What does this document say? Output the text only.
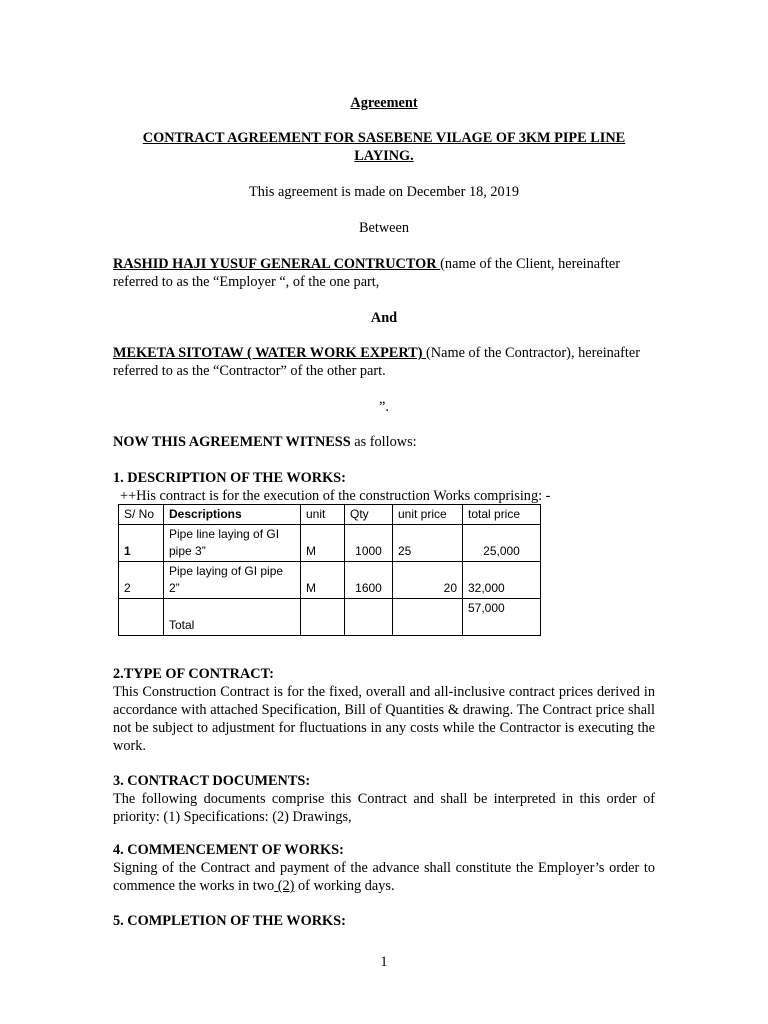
Agreement
CONTRACT AGREEMENT FOR SASEBENE VILAGE OF 3KM PIPE LINE LAYING.
This agreement is made on December 18, 2019
Between
RASHID HAJI YUSUF GENERAL CONTRUCTOR (name of the Client, hereinafter referred to as the “Employer “, of the one part,
And
MEKETA SITOTAW ( WATER WORK EXPERT) (Name of the Contractor), hereinafter referred to as the “Contractor” of the other part.
”.
NOW THIS AGREEMENT WITNESS as follows:
1. DESCRIPTION OF THE WORKS:
++His contract is for the execution of the construction Works comprising: -
S/ No	Descriptions	unit	Qty	unit price	total price
1	Pipe line laying of GI pipe 3”	M	1000	25	25,000
2	Pipe laying of GI pipe 2”	M	1600	20	32,000
	Total				57,000
2.TYPE OF CONTRACT:
This Construction Contract is for the fixed, overall and all-inclusive contract prices derived in accordance with attached Specification, Bill of Quantities & drawing. The Contract price shall not be subject to adjustment for fluctuations in any costs while the Contractor is executing the work.
3. CONTRACT DOCUMENTS:
The following documents comprise this Contract and shall be interpreted in this order of priority: (1) Specifications: (2) Drawings,
4. COMMENCEMENT OF WORKS:
Signing of the Contract and payment of the advance shall constitute the Employer’s order to commence the works in two (2) of working days.
5. COMPLETION OF THE WORKS:
1
